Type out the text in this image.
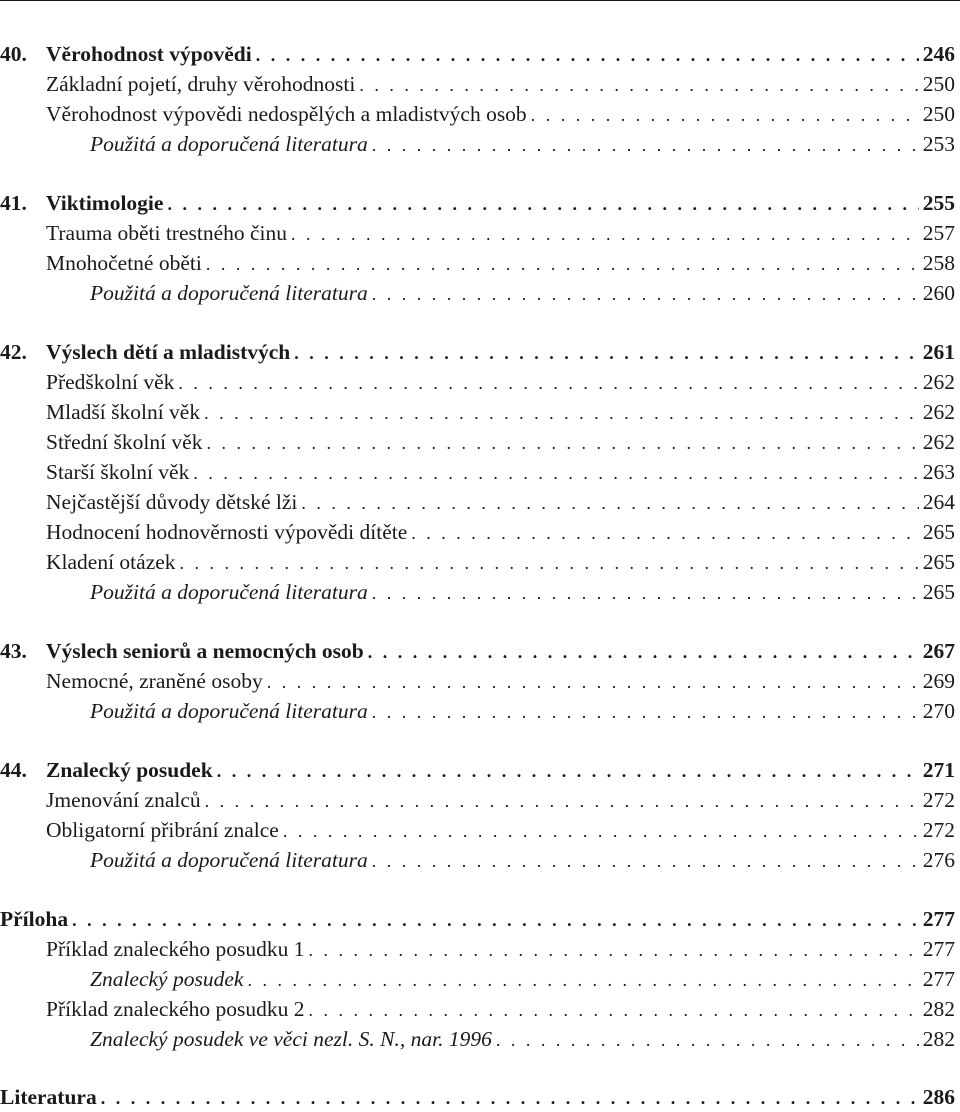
40. Věrohodnost výpovědi . . .	246
Základní pojetí, druhy věrohodnosti . . .	250
Věrohodnost výpovědi nedospělých a mladistvých osob . . .	250
Použitá a doporučená literatura . . .	253
41. Viktimologie . . .	255
Trauma oběti trestného činu . . .	257
Mnohočetné oběti . . .	258
Použitá a doporučená literatura . . .	260
42. Výslech dětí a mladistvých . . .	261
Předškolní věk . . .	262
Mladší školní věk . . .	262
Střední školní věk . . .	262
Starší školní věk . . .	263
Nejčastější důvody dětské lži . . .	264
Hodnocení hodnověrnosti výpovědi dítěte . . .	265
Kladení otázek . . .	265
Použitá a doporučená literatura . . .	265
43. Výslech seniorů a nemocných osob . . .	267
Nemocné, zraněné osoby . . .	269
Použitá a doporučená literatura . . .	270
44. Znalecký posudek . . .	271
Jmenování znalců . . .	272
Obligatorní přibrání znalce . . .	272
Použitá a doporučená literatura . . .	276
Příloha . . .	277
Příklad znaleckého posudku 1 . . .	277
Znalecký posudek . . .	277
Příklad znaleckého posudku 2 . . .	282
Znalecký posudek ve věci nezl. S. N., nar. 1996 . . .	282
Literatura . . .	286
